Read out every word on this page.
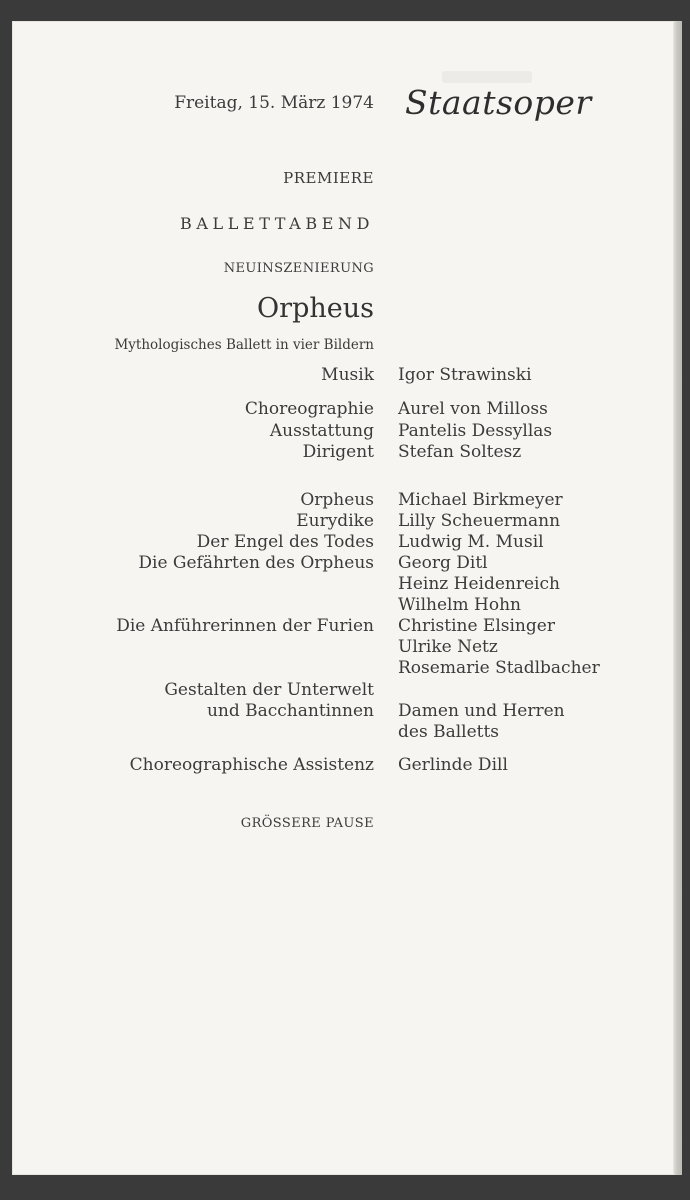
Freitag, 15. März 1974 Staatsoper
PREMIERE
BALLETTABEND
NEUINSZENIERUNG
Orpheus
Mythologisches Ballett in vier Bildern
Musik Igor Strawinski
Choreographie Aurel von Milloss
Ausstattung Pantelis Dessyllas
Dirigent Stefan Soltesz
Orpheus Michael Birkmeyer
Eurydike Lilly Scheuermann
Der Engel des Todes Ludwig M. Musil
Die Gefährten des Orpheus Georg Ditl
Heinz Heidenreich
Wilhelm Hohn
Die Anführerinnen der Furien Christine Elsinger
Ulrike Netz
Rosemarie Stadlbacher
Gestalten der Unterwelt
und Bacchantinnen Damen und Herren
des Balletts
Choreographische Assistenz Gerlinde Dill
GRÖSSERE PAUSE
